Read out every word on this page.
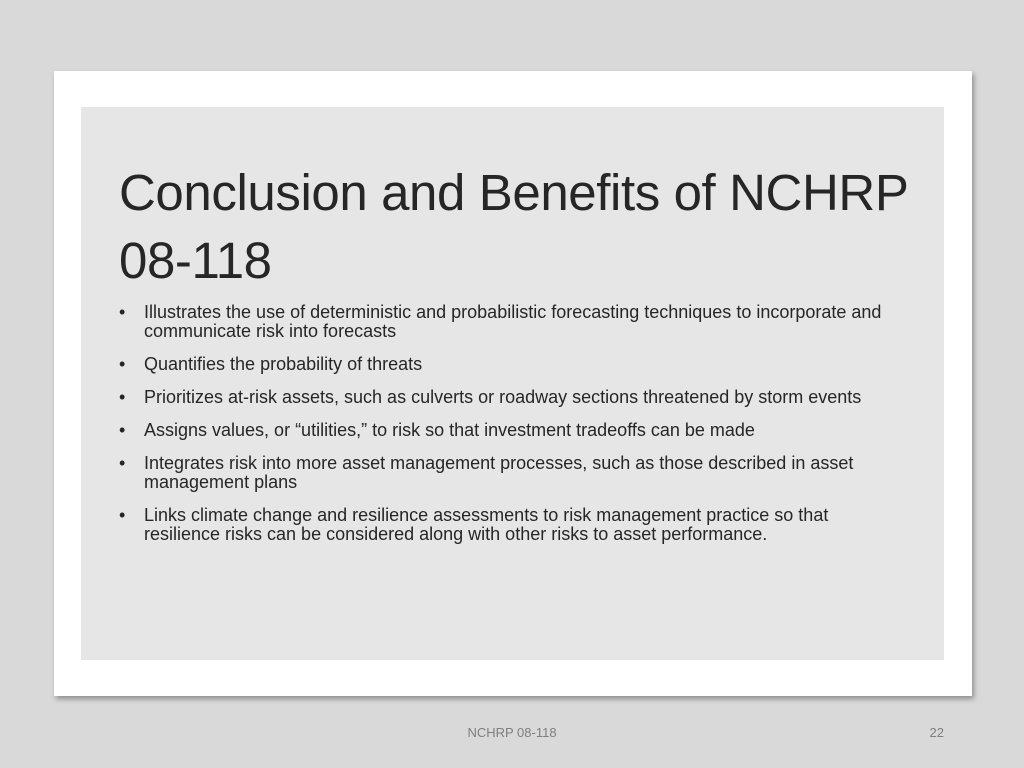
Conclusion and Benefits of NCHRP 08-118
•	Illustrates the use of deterministic and probabilistic forecasting techniques to incorporate and communicate risk into forecasts
•	Quantifies the probability of threats
•	Prioritizes at-risk assets, such as culverts or roadway sections threatened by storm events
•	Assigns values, or “utilities,” to risk so that investment tradeoffs can be made
•	Integrates risk into more asset management processes, such as those described in asset management plans
•	Links climate change and resilience assessments to risk management practice so that resilience risks can be considered along with other risks to asset performance.
NCHRP 08-118	22
